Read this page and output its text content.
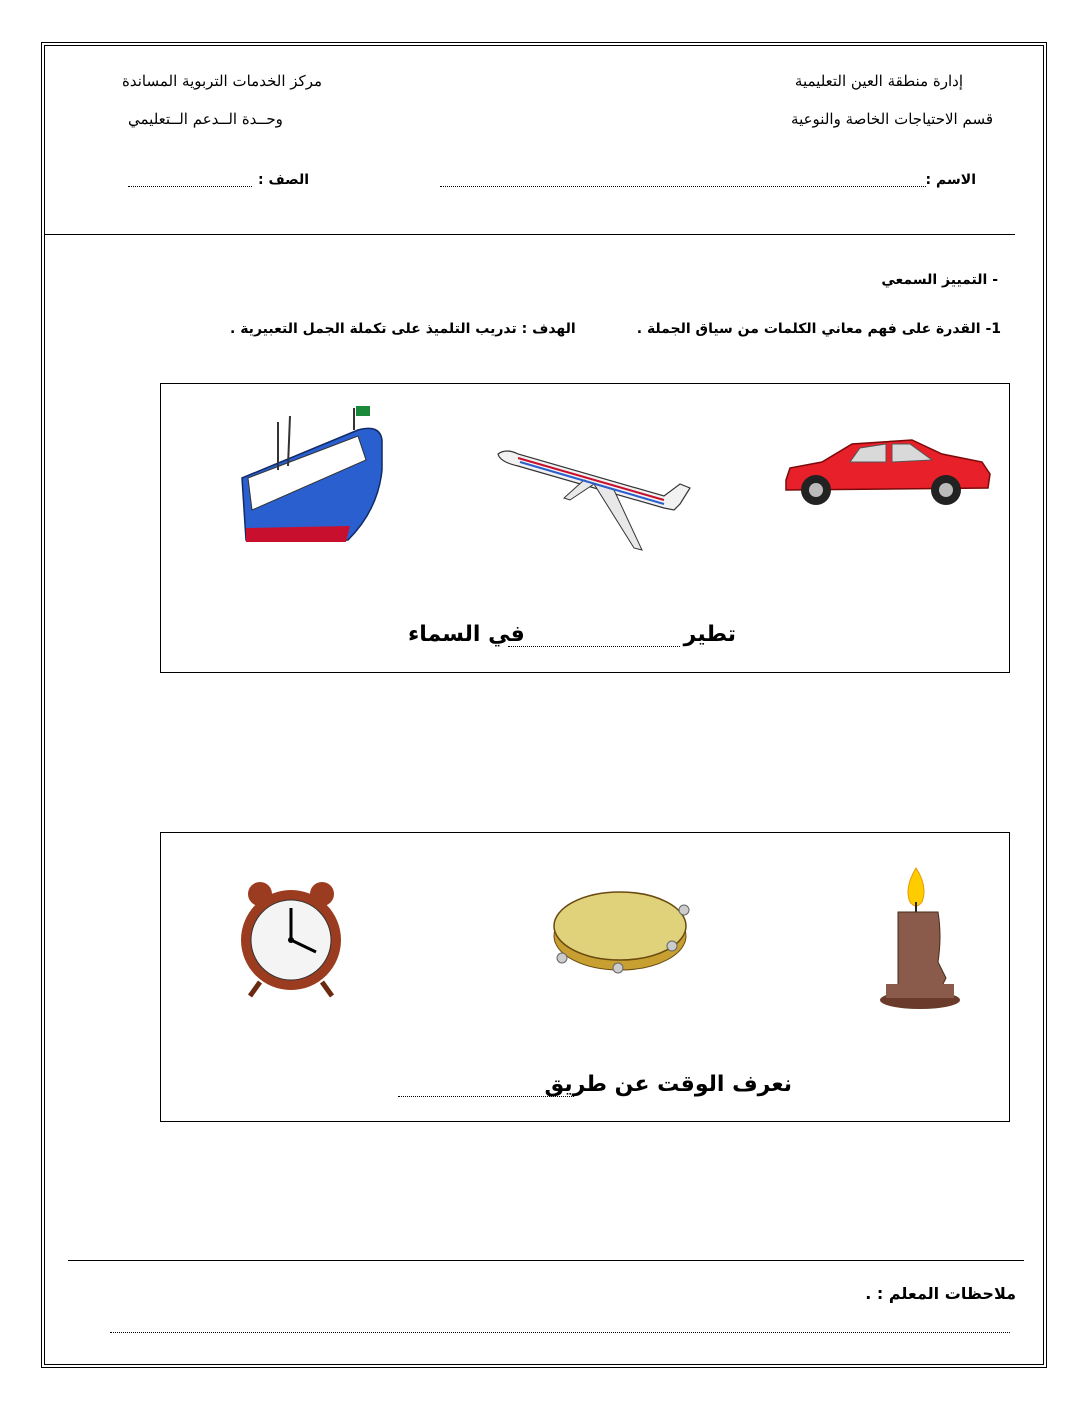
إدارة منطقة العين التعليمية
قسم الاحتياجات الخاصة والنوعية
مركز الخدمات التربوية المساندة
وحــدة الــدعم الــتعليمي
الاسم :
الصف :
- التمييز السمعي
1- القدرة على فهم معاني الكلمات من سياق الجملة .
الهدف : تدريب التلميذ على تكملة الجمل التعبيرية .
تطير
في السماء
نعرف الوقت عن طريق
ملاحظات المعلم : .
